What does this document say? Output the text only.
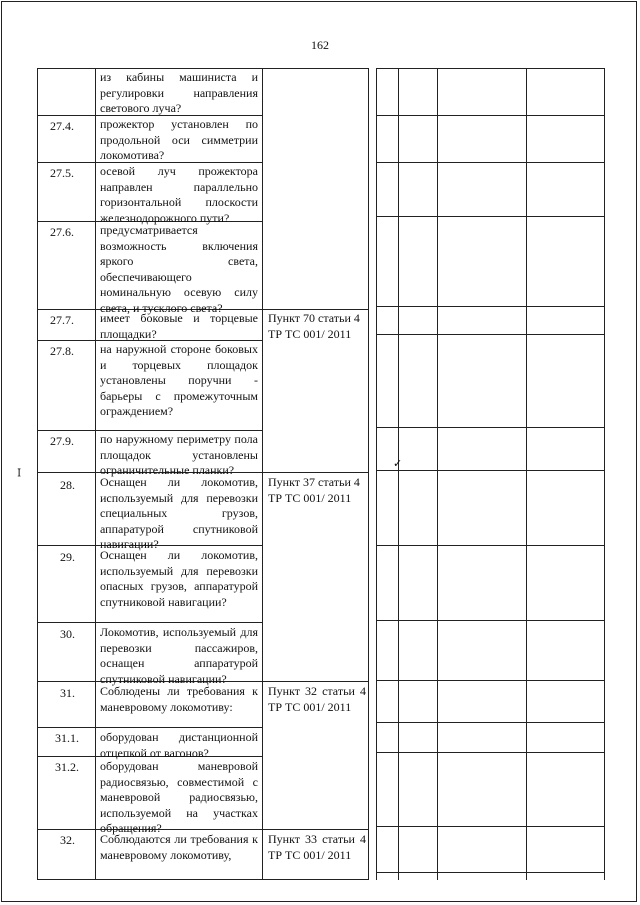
162
27.4.
27.5.
27.6.
27.7.
27.8.
27.9.
28.
29.
30.
31.
31.1.
31.2.
32.
из кабины машиниста и регулировки направления светового луча?
прожектор установлен по продольной оси симметрии локомотива?
осевой луч прожектора направлен параллельно горизонтальной плоскости железнодорожного пути?
предусматривается возможность включения яркого света, обеспечивающего номинальную осевую силу света, и тусклого света?
имеет боковые и торцевые площадки?
на наружной стороне боковых и торцевых площадок установлены поручни - барьеры с промежуточным ограждением?
по наружному периметру пола площадок установлены ограничительные планки?
Оснащен ли локомотив, используемый для перевозки специальных грузов, аппаратурой спутниковой навигации?
Оснащен ли локомотив, используемый для перевозки опасных грузов, аппаратурой спутниковой навигации?
Локомотив, используемый для перевозки пассажиров, оснащен аппаратурой спутниковой навигации?
Соблюдены ли требования к маневровому локомотиву:
оборудован дистанционной отцепкой от вагонов?
оборудован маневровой радиосвязью, совместимой с маневровой радиосвязью, используемой на участках обращения?
Соблюдаются ли требования к маневровому локомотиву,
Пункт 70 статьи 4 ТР ТС 001/ 2011
Пункт 37 статьи 4 ТР ТС 001/ 2011
Пункт 32 статьи 4 ТР ТС 001/ 2011
Пункт 33 статьи 4 ТР ТС 001/ 2011
ꟷ
✓
